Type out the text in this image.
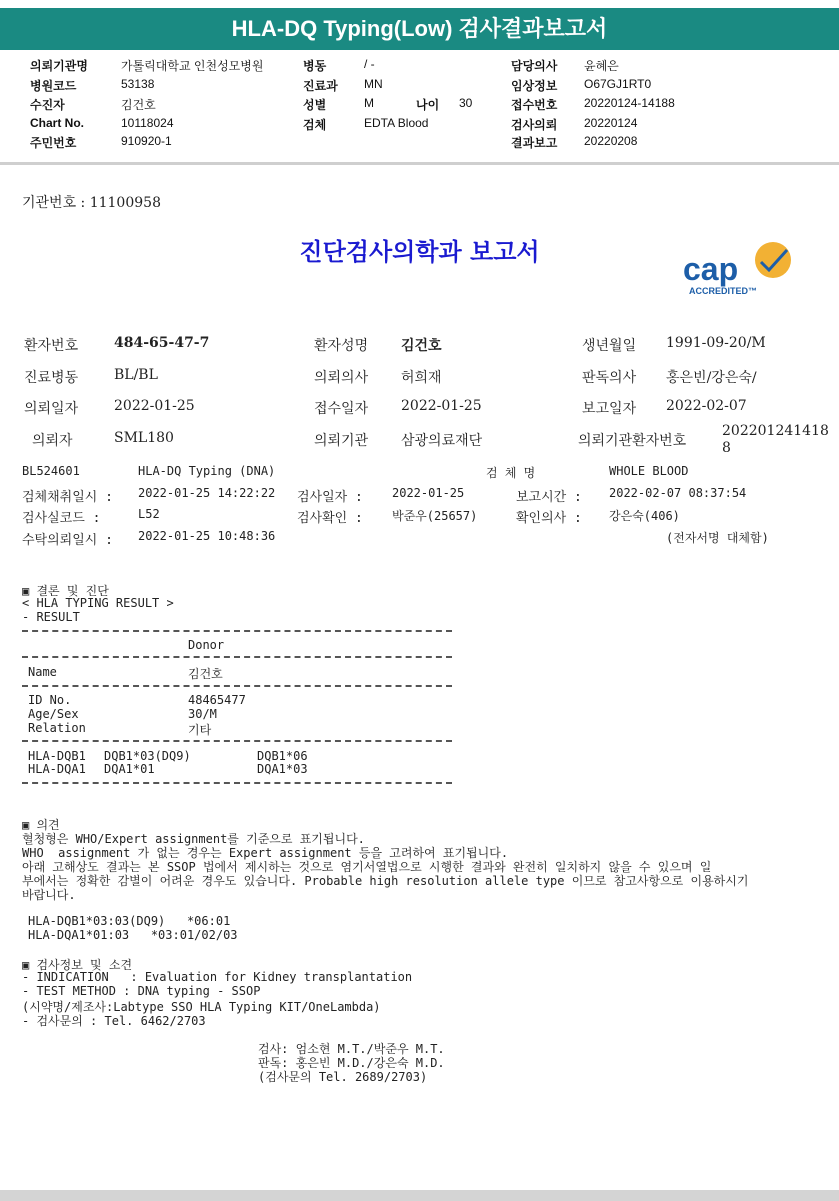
HLA-DQ Typing(Low) 검사결과보고서
의뢰기관명	가톨릭대학교 인천성모병원
병원코드	53138
수진자	김건호
Chart No.	10118024
주민번호	910920-1
병동	/ -
진료과 MN
성별	M	나이 30
검체	EDTA Blood
담당의사 윤혜은
임상정보 O67GJ1RT0
접수번호 20220124-14188
검사의뢰 20220124
결과보고 20220208
기관번호 : 11100958
진단검사의학과 보고서	cap
ACCREDITED™
환자번호	484-65-47-7	환자성명 김건호	생년월일 1991-09-20/M
진료병동	BL/BL	의뢰의사 허희재	판독의사 홍은빈/강은숙/
의뢰일자	2022-01-25	접수일자 2022-01-25	보고일자 2022-02-07
의뢰자	SML180	의뢰기관 삼광의료재단	의뢰기관환자번호
202201241418
8
BL524601	HLA-DQ Typing (DNA)	검 체 명	WHOLE BLOOD
검체채취일시 : 2022-01-25 14:22:22 검사일자 : 2022-01-25	보고시간 : 2022-02-07 08:37:54
검사실코드 :	L52	검사확인 : 박준우(25657)	확인의사 : 강은숙(406)
수탁의뢰일시 : 2022-01-25 10:48:36	(전자서명 대체함)
▣ 결론 및 진단
< HLA TYPING RESULT >
- RESULT
Donor
Name	김건호
ID No.	48465477
Age/Sex	30/M
Relation	기타
HLA-DQB1 DQB1*03(DQ9)	DQB1*06
HLA-DQA1 DQA1*01	DQA1*03
▣ 의견
혈청형은 WHO/Expert assignment를 기준으로 표기됩니다.
WHO  assignment 가 없는 경우는 Expert assignment 등을 고려하여 표기됩니다.
아래 고해상도 결과는 본 SSOP 법에서 제시하는 것으로 염기서열법으로 시행한 결과와 완전히 일치하지 않을 수 있으며 일
부에서는 정확한 감별이 어려운 경우도 있습니다. Probable high resolution allele type 이므로 참고사항으로 이용하시기
바랍니다.
HLA-DQB1*03:03(DQ9)   *06:01
HLA-DQA1*01:03   *03:01/02/03
▣ 검사정보 및 소견
- INDICATION   : Evaluation for Kidney transplantation
- TEST METHOD : DNA typing - SSOP
(시약명/제조사:Labtype SSO HLA Typing KIT/OneLambda)
- 검사문의 : Tel. 6462/2703
검사: 엄소현 M.T./박준우 M.T.
판독: 홍은빈 M.D./강은숙 M.D.
(검사문의 Tel. 2689/2703)
